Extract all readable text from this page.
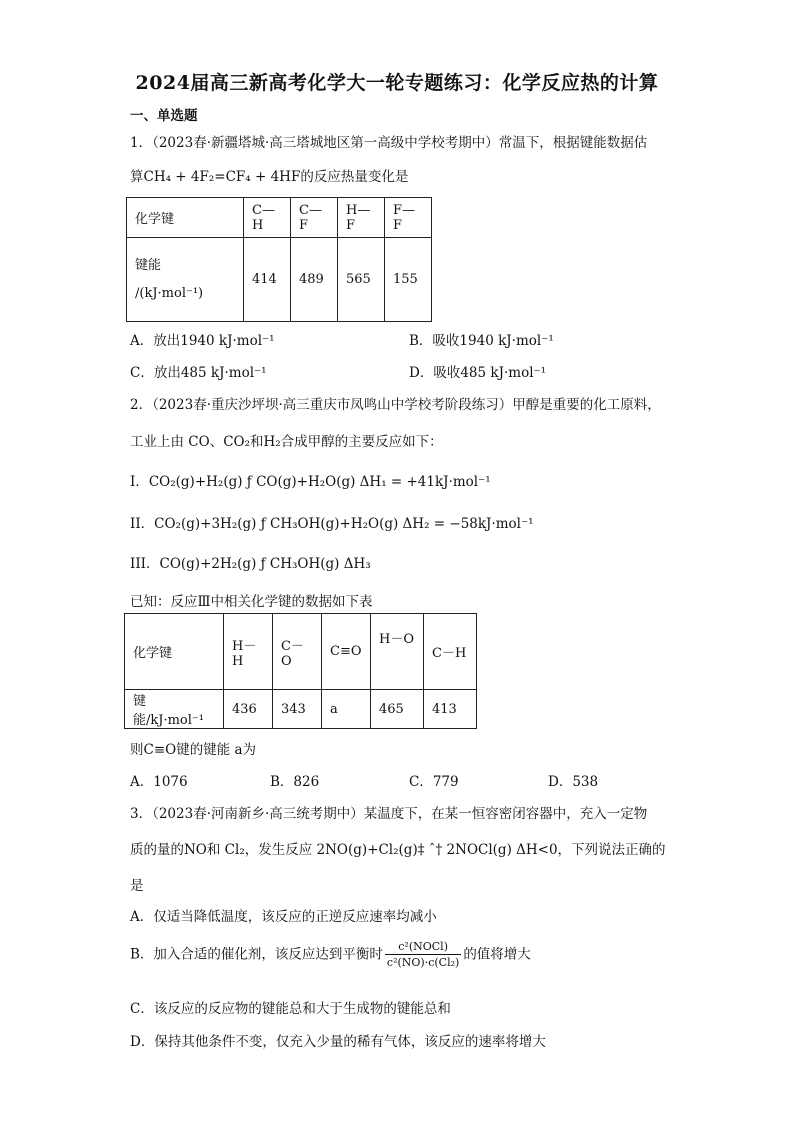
2024届高三新高考化学大一轮专题练习：化学反应热的计算
一、单选题
1．（2023春·新疆塔城·高三塔城地区第一高级中学校考期中）常温下，根据键能数据估
算CH₄ + 4F₂=CF₄ + 4HF的反应热量变化是
化学键	C—H	C—F	H—F	F—F

键能
/(kJ·mol⁻¹)	414	489	565	155
A．放出1940 kJ·mol⁻¹	B．吸收1940 kJ·mol⁻¹
C．放出485 kJ·mol⁻¹	D．吸收485 kJ·mol⁻¹
2．（2023春·重庆沙坪坝·高三重庆市凤鸣山中学校考阶段练习）甲醇是重要的化工原料，
工业上由 CO、CO₂和H₂合成甲醇的主要反应如下：
I．CO₂(g)+H₂(g) ƒ CO(g)+H₂O(g) ΔH₁ = +41kJ·mol⁻¹
II．CO₂(g)+3H₂(g) ƒ CH₃OH(g)+H₂O(g) ΔH₂ = −58kJ·mol⁻¹
III．CO(g)+2H₂(g) ƒ CH₃OH(g) ΔH₃
已知：反应Ⅲ中相关化学键的数据如下表
化学键	H－H	C－O	C≡O	H－O	C－H
键能/kJ·mol⁻¹	436	343	a	465	413
则C≡O键的键能 a为
A．1076	B．826	C．779	D．538
3．（2023春·河南新乡·高三统考期中）某温度下，在某一恒容密闭容器中，充入一定物
质的量的NO和 Cl₂，发生反应 2NO(g)+Cl₂(g)‡ ˆ† 2NOCl(g) ΔH<0，下列说法正确的
是
A．仅适当降低温度，该反应的正逆反应速率均减小
B．加入合适的催化剂，该反应达到平衡时 $\frac{\text{c²(NOCl)}}{\text{c²(NO)·c(Cl₂)}}$ 的值将增大
C．该反应的反应物的键能总和大于生成物的键能总和
D．保持其他条件不变，仅充入少量的稀有气体，该反应的速率将增大
